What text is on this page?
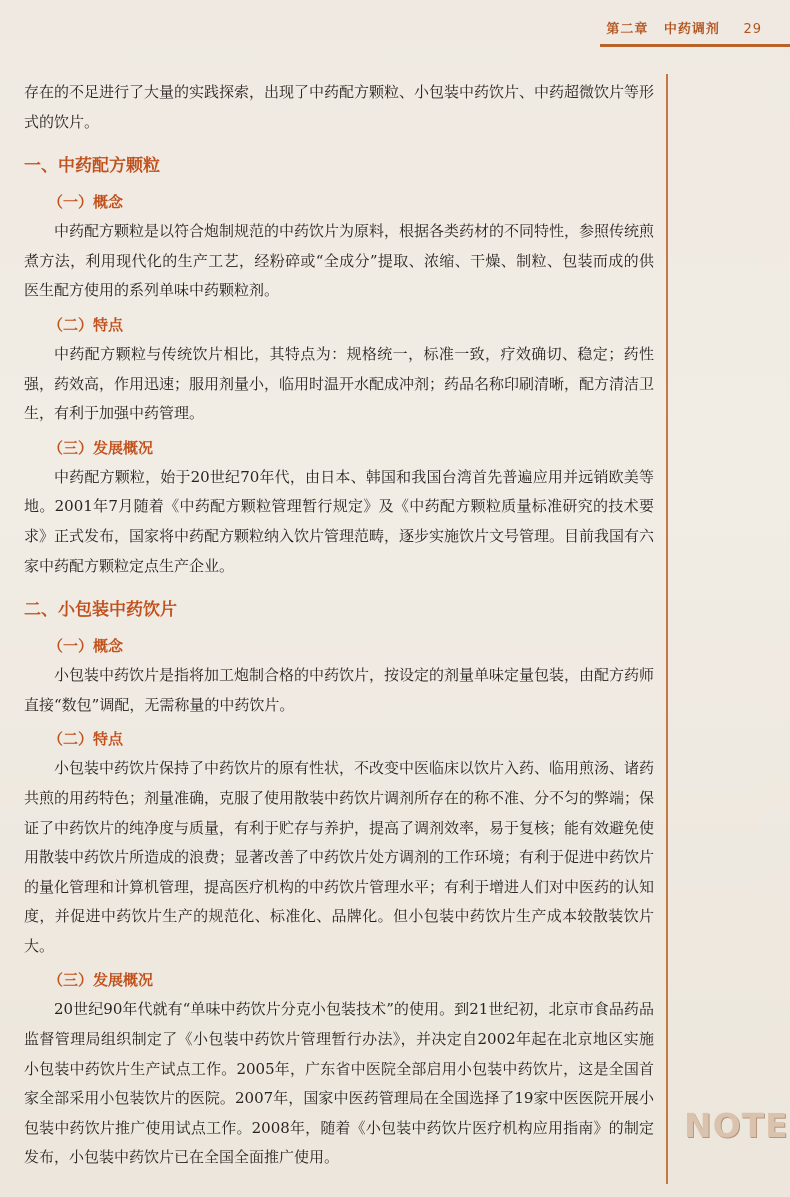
第二章 中药调剂 29

存在的不足进行了大量的实践探索，出现了中药配方颗粒、小包装中药饮片、中药超微饮片等形式的饮片。

一、中药配方颗粒
（一）概念

中药配方颗粒是以符合炮制规范的中药饮片为原料，根据各类药材的不同特性，参照传统煎煮方法，利用现代化的生产工艺，经粉碎或“全成分”提取、浓缩、干燥、制粒、包装而成的供医生配方使用的系列单味中药颗粒剂。

（二）特点

中药配方颗粒与传统饮片相比，其特点为：规格统一，标准一致，疗效确切、稳定；药性强，药效高，作用迅速；服用剂量小，临用时温开水配成冲剂；药品名称印刷清晰，配方清洁卫生，有利于加强中药管理。

（三）发展概况

中药配方颗粒，始于20世纪70年代，由日本、韩国和我国台湾首先普遍应用并远销欧美等地。2001年7月随着《中药配方颗粒管理暂行规定》及《中药配方颗粒质量标准研究的技术要求》正式发布，国家将中药配方颗粒纳入饮片管理范畴，逐步实施饮片文号管理。目前我国有六家中药配方颗粒定点生产企业。

二、小包装中药饮片
（一）概念

小包装中药饮片是指将加工炮制合格的中药饮片，按设定的剂量单味定量包装，由配方药师直接“数包”调配，无需称量的中药饮片。

（二）特点

小包装中药饮片保持了中药饮片的原有性状，不改变中医临床以饮片入药、临用煎汤、诸药共煎的用药特色；剂量准确，克服了使用散装中药饮片调剂所存在的称不准、分不匀的弊端；保证了中药饮片的纯净度与质量，有利于贮存与养护，提高了调剂效率，易于复核；能有效避免使用散装中药饮片所造成的浪费；显著改善了中药饮片处方调剂的工作环境；有利于促进中药饮片的量化管理和计算机管理，提高医疗机构的中药饮片管理水平；有利于增进人们对中医药的认知度，并促进中药饮片生产的规范化、标准化、品牌化。但小包装中药饮片生产成本较散装饮片大。

（三）发展概况

20世纪90年代就有“单味中药饮片分克小包装技术”的使用。到21世纪初，北京市食品药品监督管理局组织制定了《小包装中药饮片管理暂行办法》，并决定自2002年起在北京地区实施小包装中药饮片生产试点工作。2005年，广东省中医院全部启用小包装中药饮片，这是全国首家全部采用小包装饮片的医院。2007年，国家中医药管理局在全国选择了19家中医医院开展小包装中药饮片推广使用试点工作。2008年，随着《小包装中药饮片医疗机构应用指南》的制定发布，小包装中药饮片已在全国全面推广使用。

NOTE
